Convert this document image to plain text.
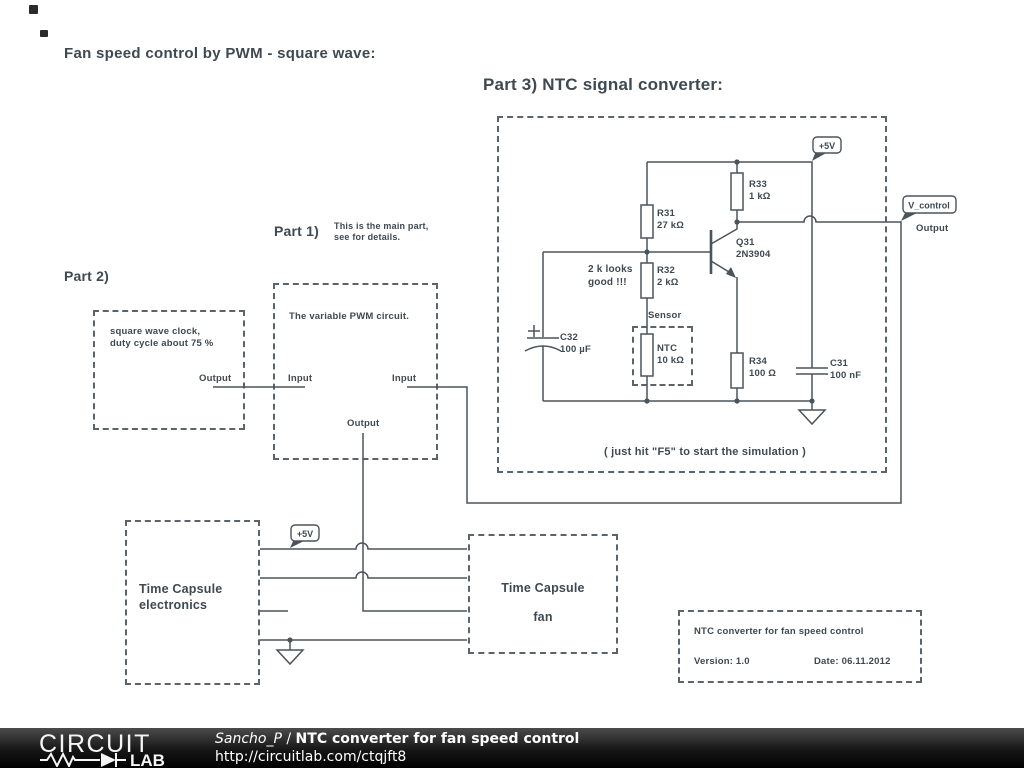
Fan speed control by PWM - square wave:
Part 3) NTC signal converter:
Part 1) This is the main part,
see for details.
Part 2)
square wave clock,
duty cycle about 75 %
Output
The variable PWM circuit.
Input	Input
Output
Time Capsule
electronics
Time Capsule
fan
NTC converter for fan speed control
Version: 1.0	Date: 06.11.2012
( just hit "F5" to start the simulation )
Sensor
2 k looks
good !!!
R31
27 kΩ
R33
1 kΩ
R32
2 kΩ
NTC
10 kΩ
Q31
2N3904
C32
100 µF
R34
100 Ω
C31
100 nF
Output
+5V
V_control
+5V
CIRCUIT
LAB
Sancho_P / NTC converter for fan speed control
http://circuitlab.com/ctqjft8
